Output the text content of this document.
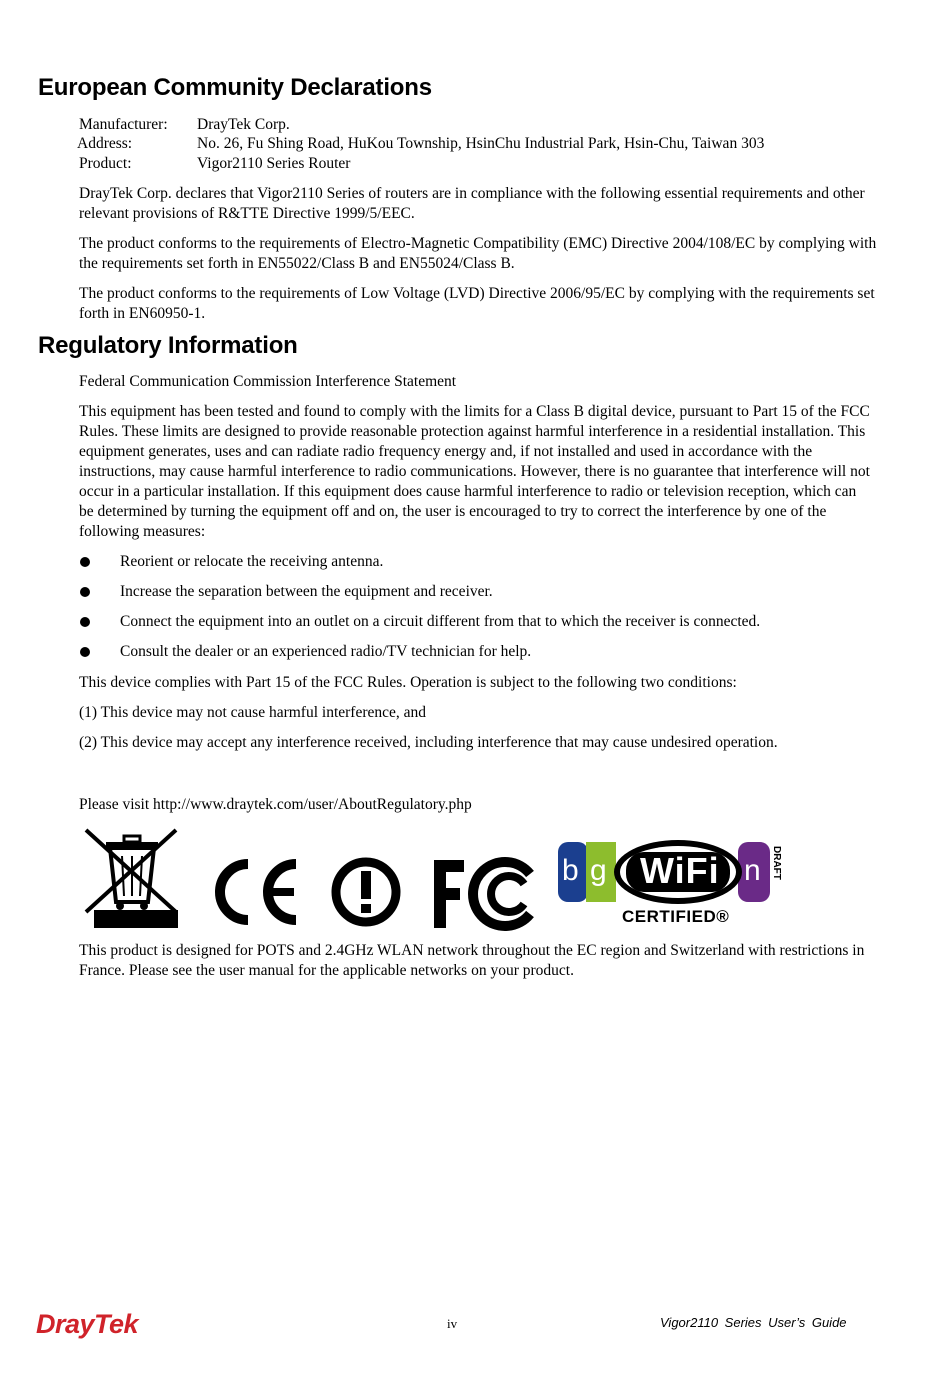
European Community Declarations
Manufacturer: DrayTek Corp.
Address:	No. 26, Fu Shing Road, HuKou Township, HsinChu Industrial Park, Hsin-Chu, Taiwan 303
Product:	Vigor2110 Series Router

DrayTek Corp. declares that Vigor2110 Series of routers are in compliance with the following essential requirements and other relevant provisions of R&TTE Directive 1999/5/EEC.

The product conforms to the requirements of Electro-Magnetic Compatibility (EMC) Directive 2004/108/EC by complying with the requirements set forth in EN55022/Class B and EN55024/Class B.

The product conforms to the requirements of Low Voltage (LVD) Directive 2006/95/EC by complying with the requirements set forth in EN60950-1.

Regulatory Information

Federal Communication Commission Interference Statement

This equipment has been tested and found to comply with the limits for a Class B digital device, pursuant to Part 15 of the FCC Rules. These limits are designed to provide reasonable protection against harmful interference in a residential installation. This equipment generates, uses and can radiate radio frequency energy and, if not installed and used in accordance with the instructions, may cause harmful interference to radio communications. However, there is no guarantee that interference will not occur in a particular installation. If this equipment does cause harmful interference to radio or television reception, which can be determined by turning the equipment off and on, the user is encouraged to try to correct the interference by one of the following measures:

Reorient or relocate the receiving antenna.
Increase the separation between the equipment and receiver.
Connect the equipment into an outlet on a circuit different from that to which the receiver is connected.
Consult the dealer or an experienced radio/TV technician for help.

This device complies with Part 15 of the FCC Rules. Operation is subject to the following two conditions:

(1) This device may not cause harmful interference, and

(2) This device may accept any interference received, including interference that may cause undesired operation.

Please visit http://www.draytek.com/user/AboutRegulatory.php

b g WiFi n DRAFT
CERTIFIED®

This product is designed for POTS and 2.4GHz WLAN network throughout the EC region and Switzerland with restrictions in France. Please see the user manual for the applicable networks on your product.

DrayTek	iv	Vigor2110 Series User’s Guide
